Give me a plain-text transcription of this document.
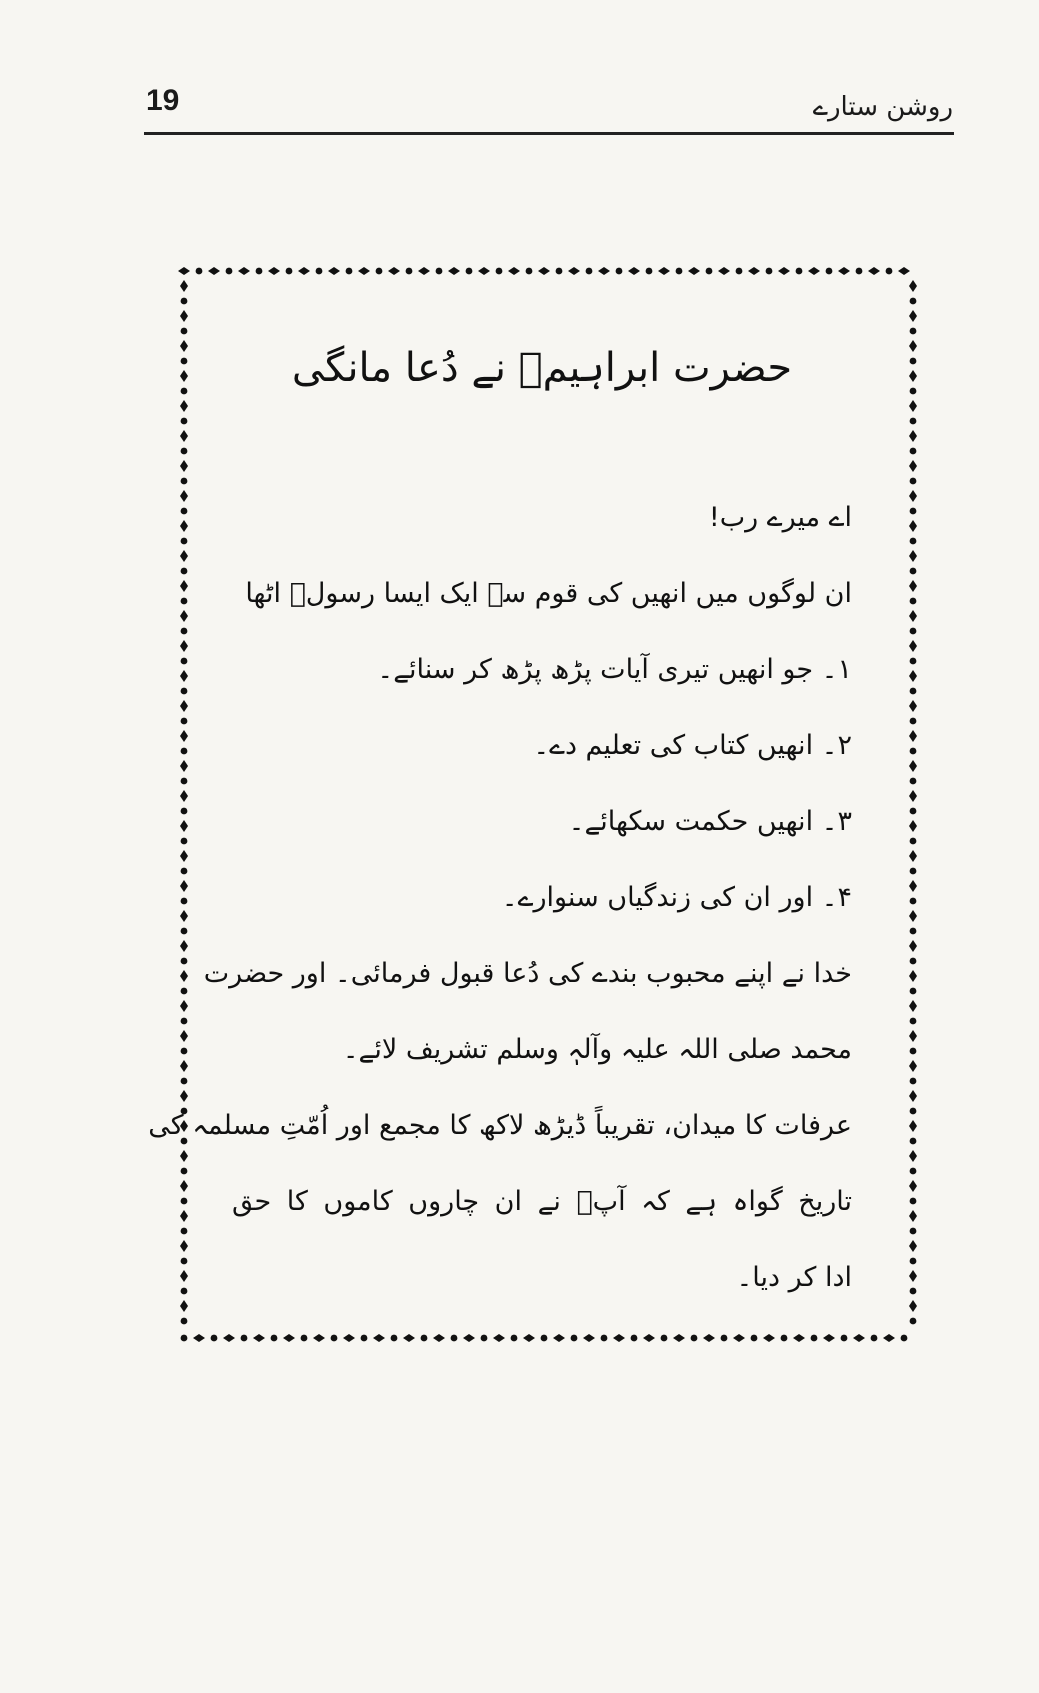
19	روشن ستارے
حضرت ابراہیمؑ نے دُعا مانگی
اے میرے رب!
ان لوگوں میں انھیں کی قوم سے ایک ایسا رسولؐ اٹھا
۱۔ جو انھیں تیری آیات پڑھ پڑھ کر سنائے۔
۲۔ انھیں کتاب کی تعلیم دے۔
۳۔ انھیں حکمت سکھائے۔
۴۔ اور ان کی زندگیاں سنوارے۔
خدا نے اپنے محبوب بندے کی دُعا قبول فرمائی۔ اور حضرت
محمد صلی اللہ علیہ وآلہٖ وسلم تشریف لائے۔
عرفات کا میدان، تقریباً ڈیڑھ لاکھ کا مجمع اور اُمّتِ مسلمہ کی
تاریخ گواہ ہے کہ آپؐ نے ان چاروں کاموں کا حق
ادا کر دیا۔
